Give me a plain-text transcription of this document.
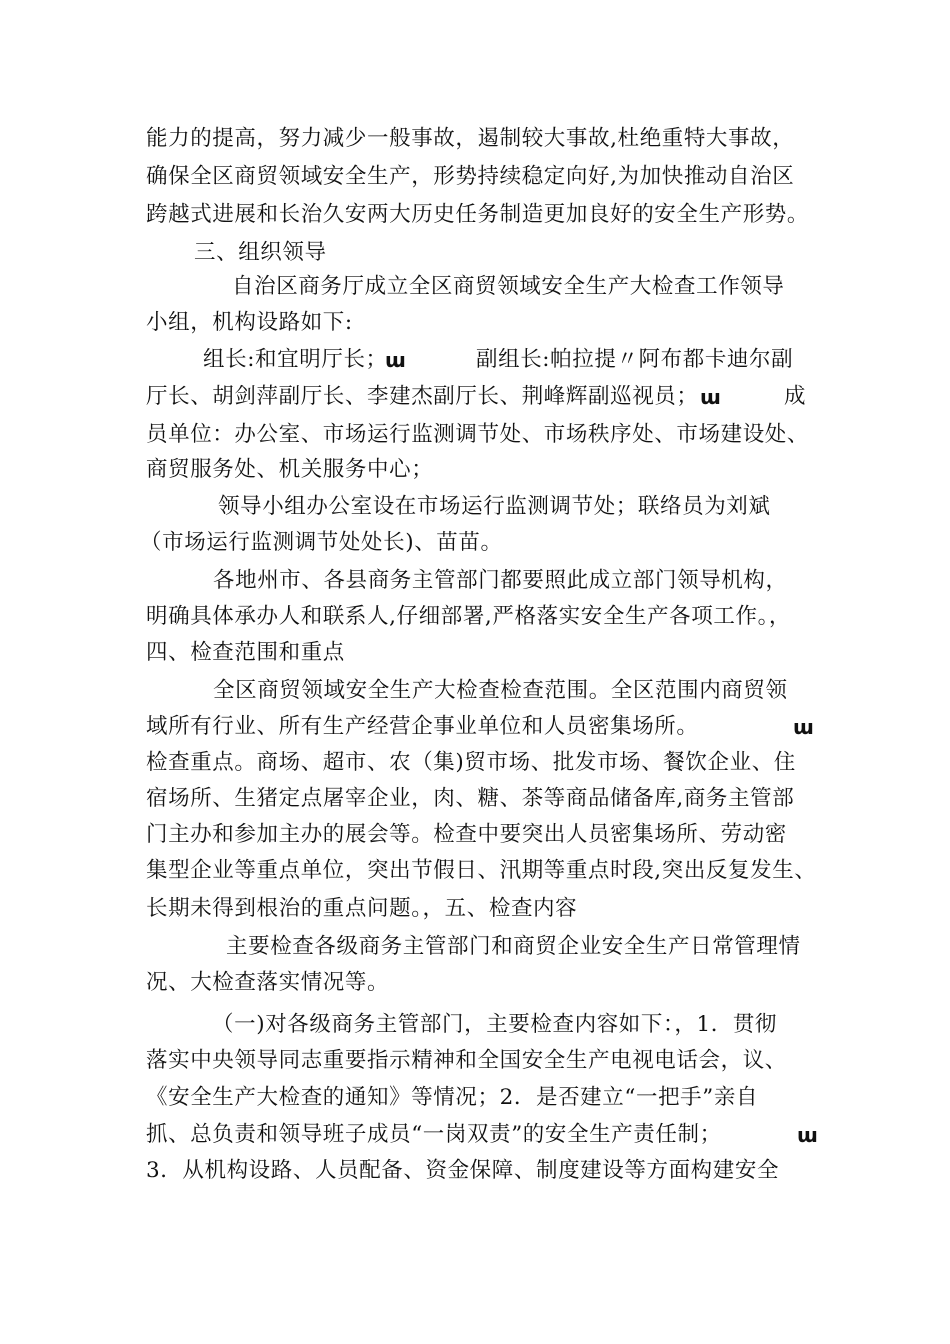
能力的提高，努力减少一般事故，遏制较大事故,杜绝重特大事故，
确保全区商贸领域安全生产，形势持续稳定向好,为加快推动自治区
跨越式进展和长治久安两大历史任务制造更加良好的安全生产形势。
三、组织领导
自治区商务厅成立全区商贸领域安全生产大检查工作领导
小组，机构设路如下:
组长:和宜明厅长；
ɯ	副组长:帕拉提〃阿布都卡迪尔副
厅长、胡剑萍副厅长、李建杰副厅长、荆峰辉副巡视员； ɯ	成
员单位：办公室、市场运行监测调节处、市场秩序处、市场建设处、
商贸服务处、机关服务中心；
领导小组办公室设在市场运行监测调节处；联络员为刘斌
（市场运行监测调节处处长)、苗苗。
各地州市、各县商务主管部门都要照此成立部门领导机构，
明确具体承办人和联系人,仔细部署,严格落实安全生产各项工作。，
四、检查范围和重点
全区商贸领域安全生产大检查检查范围。全区范围内商贸领
域所有行业、所有生产经营企事业单位和人员密集场所。	ɯ
检查重点。商场、超市、农（集)贸市场、批发市场、餐饮企业、住
宿场所、生猪定点屠宰企业，肉、糖、茶等商品储备库,商务主管部
门主办和参加主办的展会等。检查中要突出人员密集场所、劳动密
集型企业等重点单位，突出节假日、汛期等重点时段,突出反复发生、
长期未得到根治的重点问题。，五、检查内容
主要检查各级商务主管部门和商贸企业安全生产日常管理情
况、大检查落实情况等。
（一)对各级商务主管部门，主要检查内容如下：，1．贯彻
落实中央领导同志重要指示精神和全国安全生产电视电话会，议、
《安全生产大检查的通知》等情况；2．是否建立“一把手”亲自
抓、总负责和领导班子成员“一岗双责”的安全生产责任制；	ɯ
3．从机构设路、人员配备、资金保障、制度建设等方面构建安全
